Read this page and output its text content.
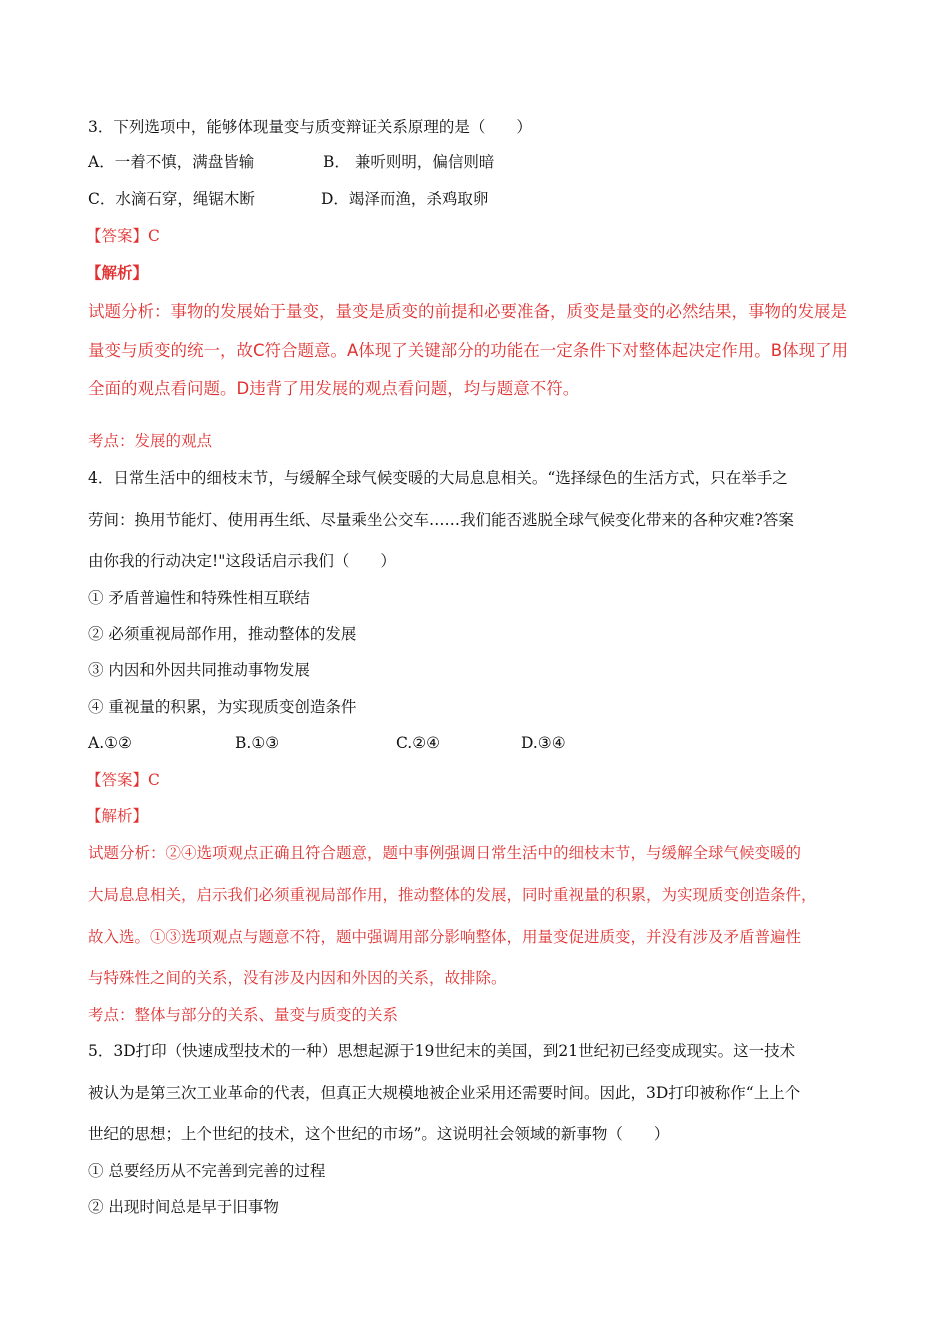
3．下列选项中，能够体现量变与质变辩证关系原理的是（　　）
A．一着不慎，满盘皆输	B． 兼听则明，偏信则暗
C．水滴石穿，绳锯木断	D．竭泽而渔，杀鸡取卵
【答案】C
【解析】
试题分析：事物的发展始于量变，量变是质变的前提和必要准备，质变是量变的必然结果，事物的发展是
量变与质变的统一，故C符合题意。A体现了关键部分的功能在一定条件下对整体起决定作用。B体现了用
全面的观点看问题。D违背了用发展的观点看问题，均与题意不符。
考点：发展的观点
4．日常生活中的细枝末节，与缓解全球气候变暖的大局息息相关。“选择绿色的生活方式，只在举手之
劳间：换用节能灯、使用再生纸、尽量乘坐公交车……我们能否逃脱全球气候变化带来的各种灾难?答案
由你我的行动决定!"这段话启示我们（　　）
① 矛盾普遍性和特殊性相互联结
② 必须重视局部作用，推动整体的发展
③ 内因和外因共同推动事物发展
④ 重视量的积累，为实现质变创造条件
A.①②	B.①③	C.②④	D.③④
【答案】C
【解析】
试题分析：②④选项观点正确且符合题意，题中事例强调日常生活中的细枝末节，与缓解全球气候变暖的
大局息息相关，启示我们必须重视局部作用，推动整体的发展，同时重视量的积累，为实现质变创造条件，
故入选。①③选项观点与题意不符，题中强调用部分影响整体，用量变促进质变，并没有涉及矛盾普遍性
与特殊性之间的关系，没有涉及内因和外因的关系，故排除。
考点：整体与部分的关系、量变与质变的关系
5．3D打印（快速成型技术的一种）思想起源于19世纪末的美国，到21世纪初已经变成现实。这一技术
被认为是第三次工业革命的代表，但真正大规模地被企业采用还需要时间。因此，3D打印被称作“上上个
世纪的思想；上个世纪的技术，这个世纪的市场”。这说明社会领域的新事物（　　）
① 总要经历从不完善到完善的过程
② 出现时间总是早于旧事物
